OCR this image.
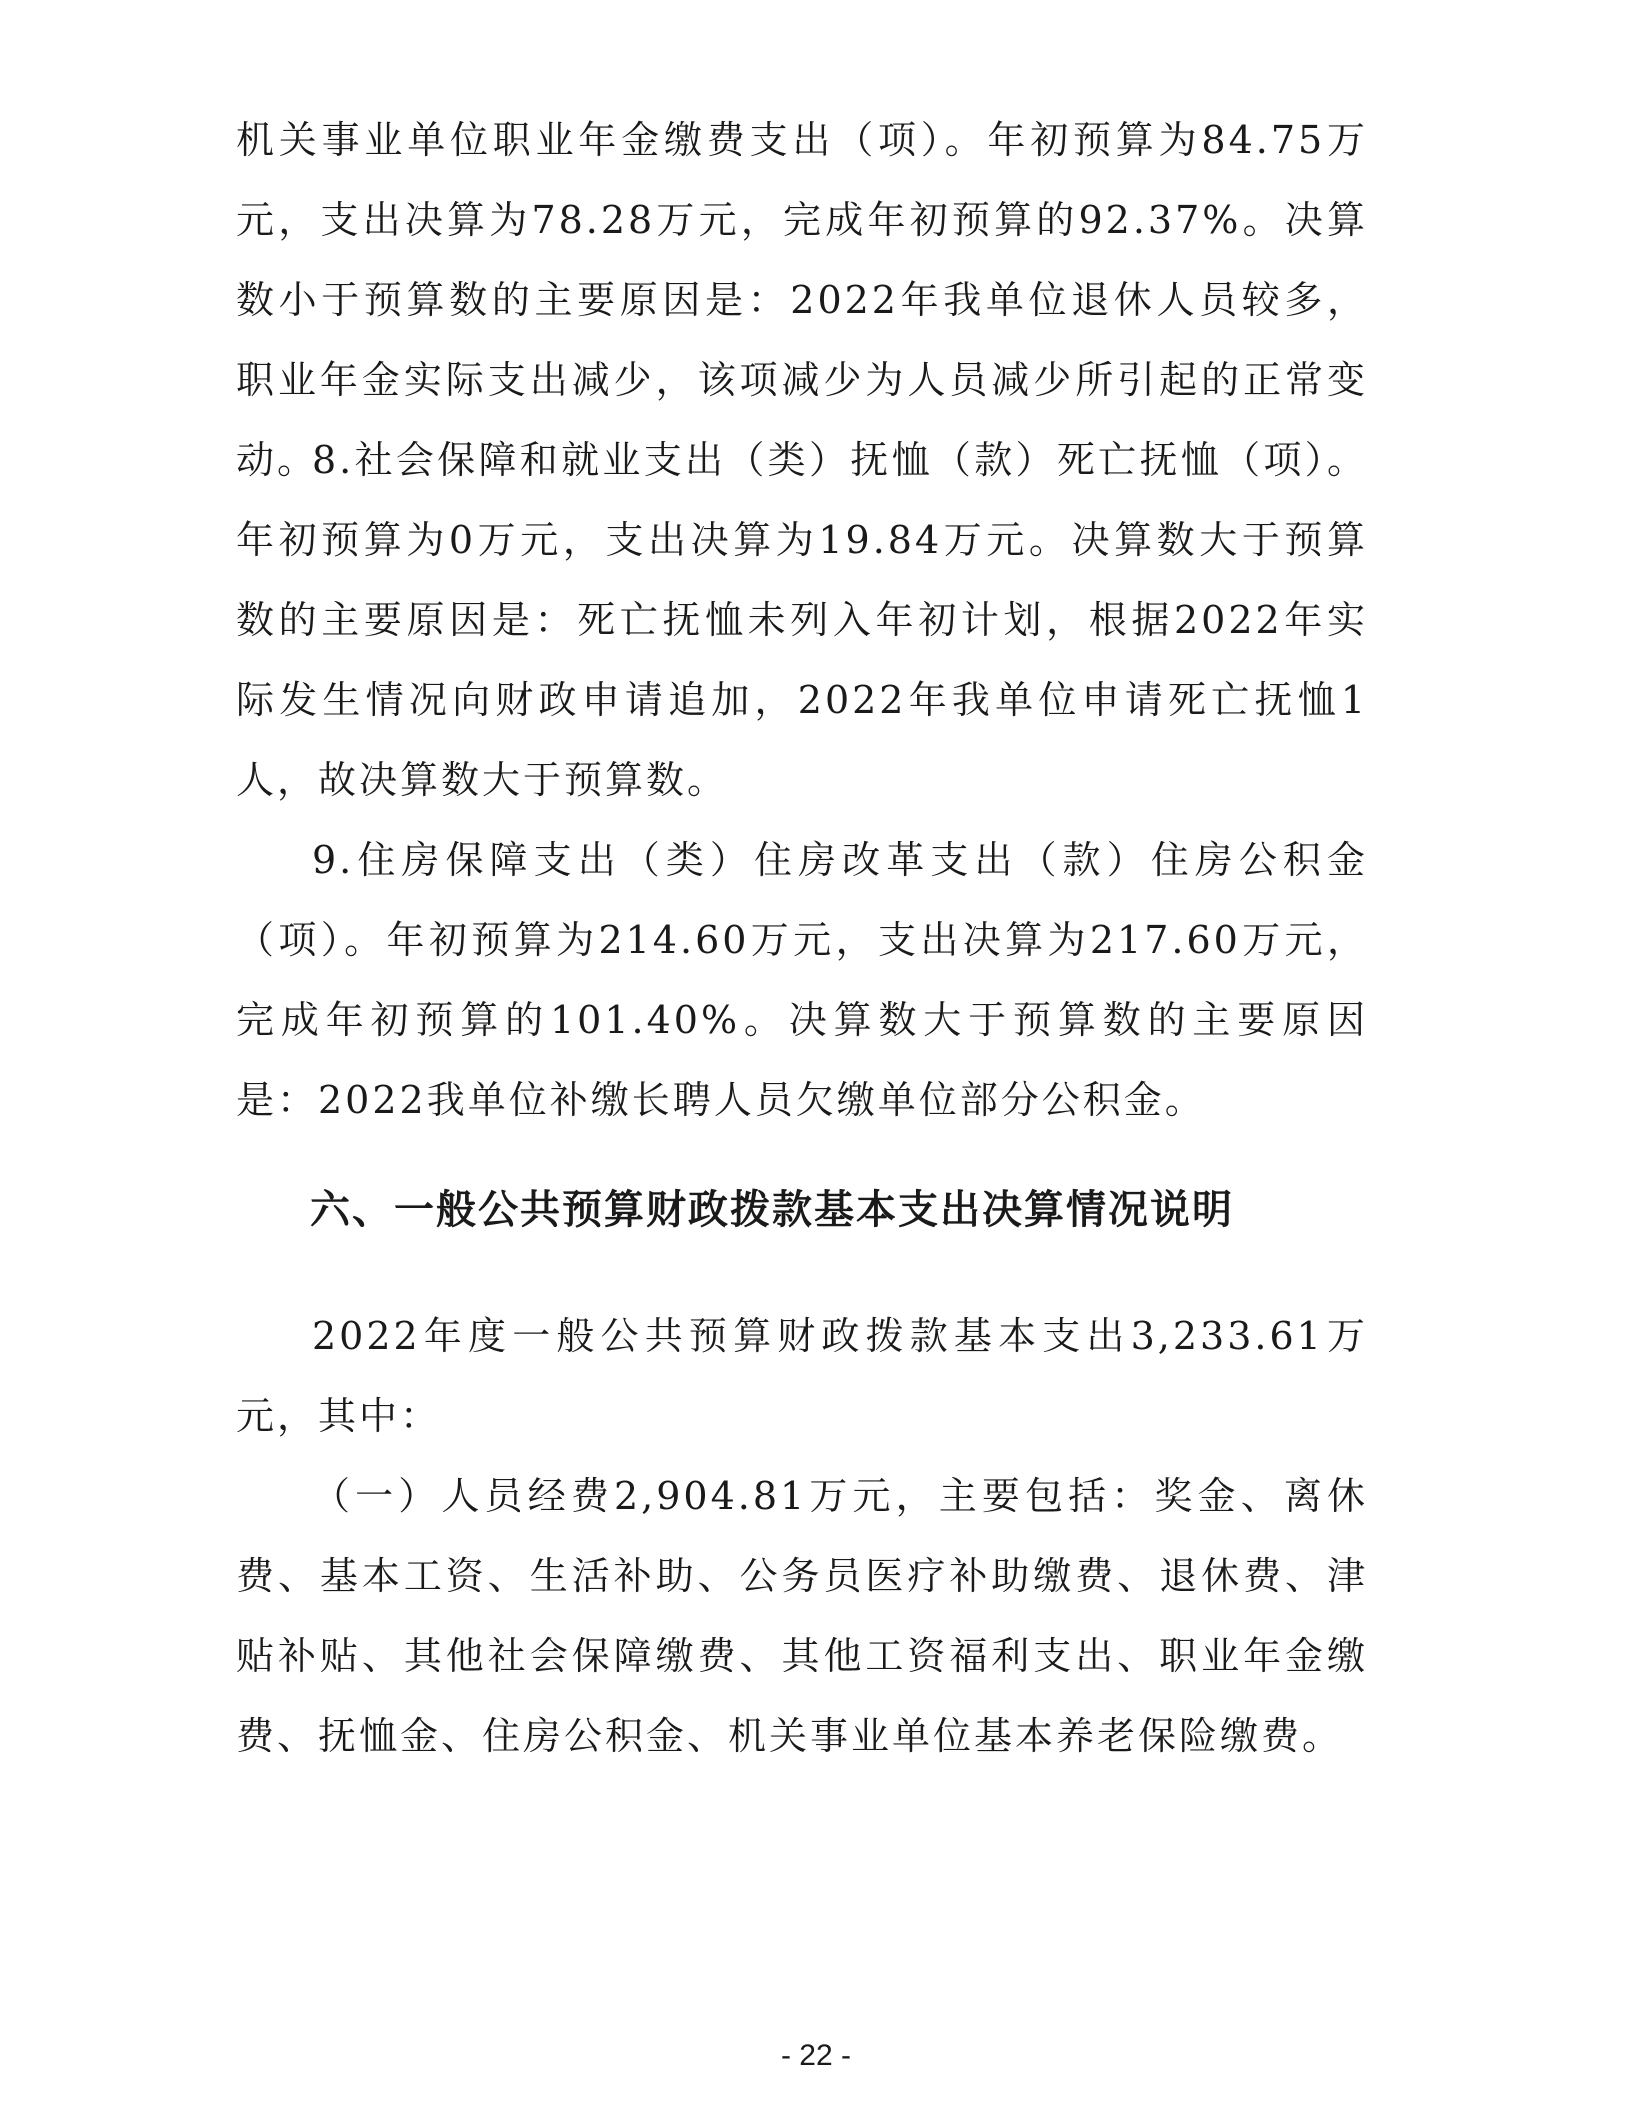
机关事业单位职业年金缴费支出（项）。年初预算为84.75万元，支出决算为78.28万元，完成年初预算的92.37%。决算数小于预算数的主要原因是：2022年我单位退休人员较多，职业年金实际支出减少，该项减少为人员减少所引起的正常变动。

8.社会保障和就业支出（类）抚恤（款）死亡抚恤（项）。年初预算为0万元，支出决算为19.84万元。决算数大于预算数的主要原因是：死亡抚恤未列入年初计划，根据2022年实际发生情况向财政申请追加，2022年我单位申请死亡抚恤1人，故决算数大于预算数。

9.住房保障支出（类）住房改革支出（款）住房公积金（项）。年初预算为214.60万元，支出决算为217.60万元，完成年初预算的101.40%。决算数大于预算数的主要原因是：2022我单位补缴长聘人员欠缴单位部分公积金。

六、一般公共预算财政拨款基本支出决算情况说明

2022年度一般公共预算财政拨款基本支出3,233.61万元，其中：

（一）人员经费2,904.81万元，主要包括：奖金、离休费、基本工资、生活补助、公务员医疗补助缴费、退休费、津贴补贴、其他社会保障缴费、其他工资福利支出、职业年金缴费、抚恤金、住房公积金、机关事业单位基本养老保险缴费。

- 22 -
